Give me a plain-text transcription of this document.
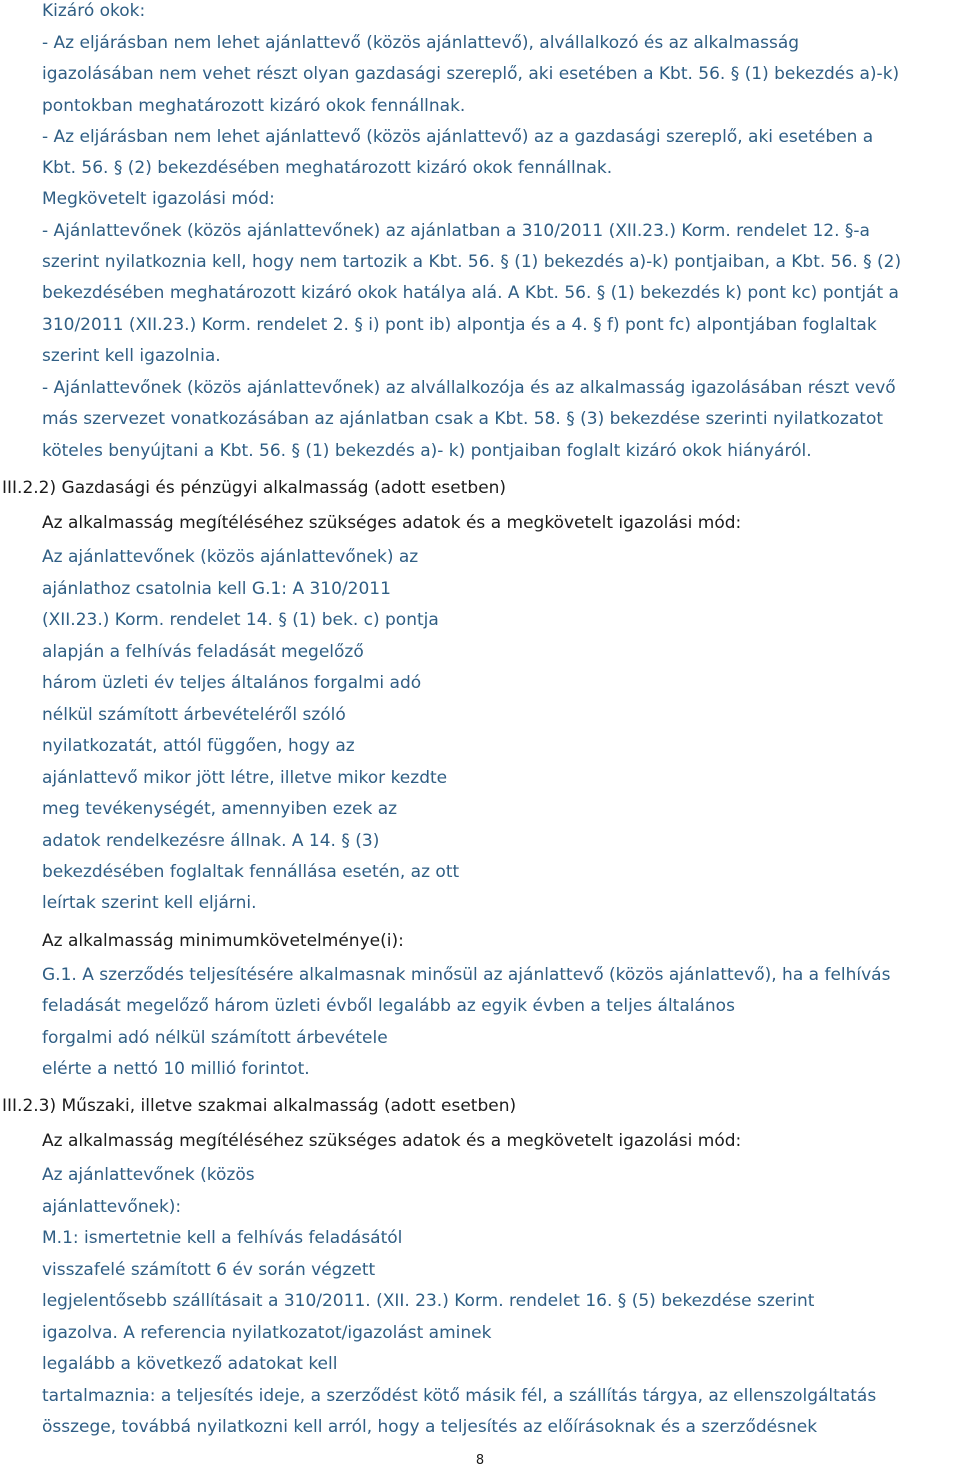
Kizáró okok:
- Az eljárásban nem lehet ajánlattevő (közös ajánlattevő), alvállalkozó és az alkalmasság
igazolásában nem vehet részt olyan gazdasági szereplő, aki esetében a Kbt. 56. § (1) bekezdés a)-k)
pontokban meghatározott kizáró okok fennállnak.
- Az eljárásban nem lehet ajánlattevő (közös ajánlattevő) az a gazdasági szereplő, aki esetében a
Kbt. 56. § (2) bekezdésében meghatározott kizáró okok fennállnak.
Megkövetelt igazolási mód:
- Ajánlattevőnek (közös ajánlattevőnek) az ajánlatban a 310/2011 (XII.23.) Korm. rendelet 12. §-a
szerint nyilatkoznia kell, hogy nem tartozik a Kbt. 56. § (1) bekezdés a)-k) pontjaiban, a Kbt. 56. § (2)
bekezdésében meghatározott kizáró okok hatálya alá. A Kbt. 56. § (1) bekezdés k) pont kc) pontját a
310/2011 (XII.23.) Korm. rendelet 2. § i) pont ib) alpontja és a 4. § f) pont fc) alpontjában foglaltak
szerint kell igazolnia.
- Ajánlattevőnek (közös ajánlattevőnek) az alvállalkozója és az alkalmasság igazolásában részt vevő
más szervezet vonatkozásában az ajánlatban csak a Kbt. 58. § (3) bekezdése szerinti nyilatkozatot
köteles benyújtani a Kbt. 56. § (1) bekezdés a)- k) pontjaiban foglalt kizáró okok hiányáról.
III.2.2) Gazdasági és pénzügyi alkalmasság (adott esetben)
Az alkalmasság megítéléséhez szükséges adatok és a megkövetelt igazolási mód:
Az ajánlattevőnek (közös ajánlattevőnek) az
ajánlathoz csatolnia kell G.1: A 310/2011
(XII.23.) Korm. rendelet 14. § (1) bek. c) pontja
alapján a felhívás feladását megelőző
három üzleti év teljes általános forgalmi adó
nélkül számított árbevételéről szóló
nyilatkozatát, attól függően, hogy az
ajánlattevő mikor jött létre, illetve mikor kezdte
meg tevékenységét, amennyiben ezek az
adatok rendelkezésre állnak. A 14. § (3)
bekezdésében foglaltak fennállása esetén, az ott
leírtak szerint kell eljárni.
Az alkalmasság minimumkövetelménye(i):
G.1. A szerződés teljesítésére alkalmasnak minősül az ajánlattevő (közös ajánlattevő), ha a felhívás
feladását megelőző három üzleti évből legalább az egyik évben a teljes általános
forgalmi adó nélkül számított árbevétele
elérte a nettó 10 millió forintot.
III.2.3) Műszaki, illetve szakmai alkalmasság (adott esetben)
Az alkalmasság megítéléséhez szükséges adatok és a megkövetelt igazolási mód:
Az ajánlattevőnek (közös
ajánlattevőnek):
M.1: ismertetnie kell a felhívás feladásától
visszafelé számított 6 év során végzett
legjelentősebb szállításait a 310/2011. (XII. 23.) Korm. rendelet 16. § (5) bekezdése szerint
igazolva. A referencia nyilatkozatot/igazolást aminek
legalább a következő adatokat kell
tartalmaznia: a teljesítés ideje, a szerződést kötő másik fél, a szállítás tárgya, az ellenszolgáltatás
összege, továbbá nyilatkozni kell arról, hogy a teljesítés az előírásoknak és a szerződésnek
8
